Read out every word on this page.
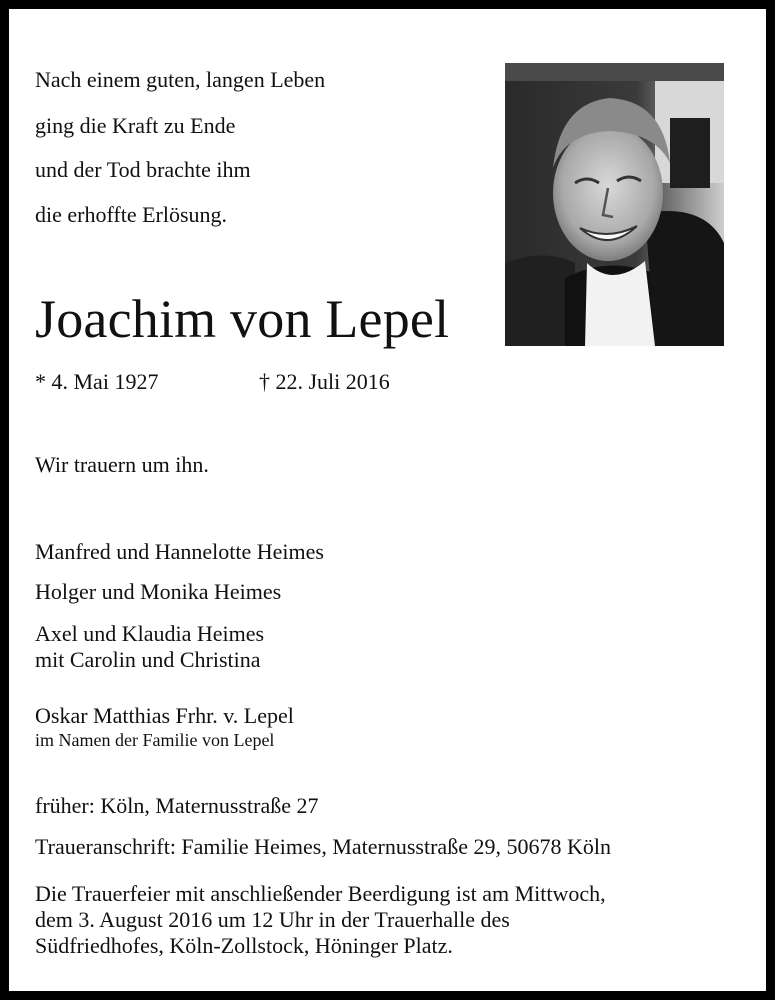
Nach einem guten, langen Leben
ging die Kraft zu Ende
und der Tod brachte ihm
die erhoffte Erlösung.
Joachim von Lepel
* 4. Mai 1927	† 22. Juli 2016
Wir trauern um ihn.
Manfred und Hannelotte Heimes
Holger und Monika Heimes
Axel und Klaudia Heimes
mit Carolin und Christina
Oskar Matthias Frhr. v. Lepel
im Namen der Familie von Lepel
früher: Köln, Maternusstraße 27
Traueranschrift: Familie Heimes, Maternusstraße 29, 50678 Köln
Die Trauerfeier mit anschließender Beerdigung ist am Mittwoch,
dem 3. August 2016 um 12 Uhr in der Trauerhalle des
Südfriedhofes, Köln-Zollstock, Höninger Platz.
